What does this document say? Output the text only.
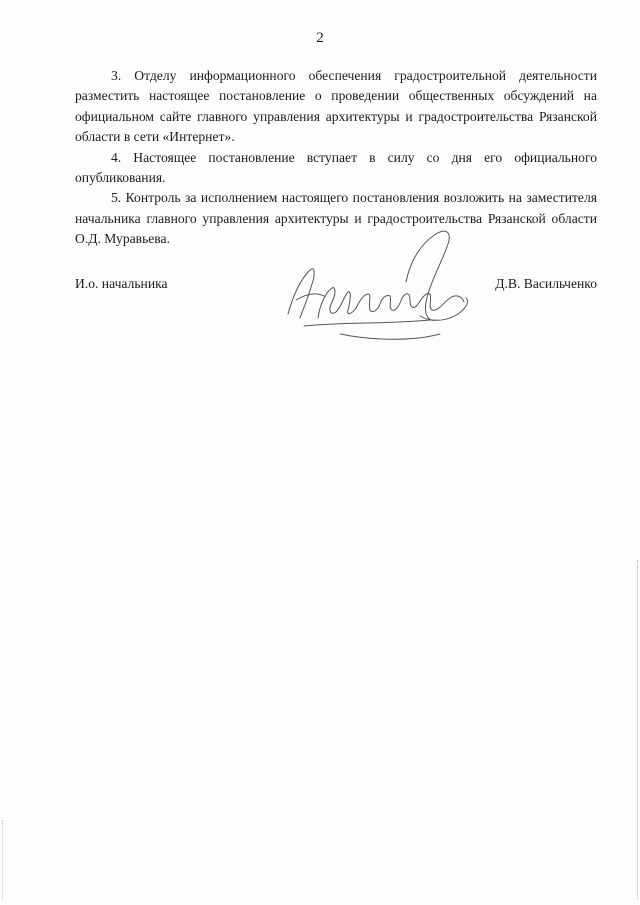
2

3. Отделу информационного обеспечения градостроительной деятельности разместить настоящее постановление о проведении общественных обсуждений на официальном сайте главного управления архитектуры и градостроительства Рязанской области в сети «Интернет».

4. Настоящее постановление вступает в силу со дня его официального опубликования.

5. Контроль за исполнением настоящего постановления возложить на заместителя начальника главного управления архитектуры и градостроительства Рязанской области О.Д. Муравьева.

И.о. начальника	Д.В. Васильченко
